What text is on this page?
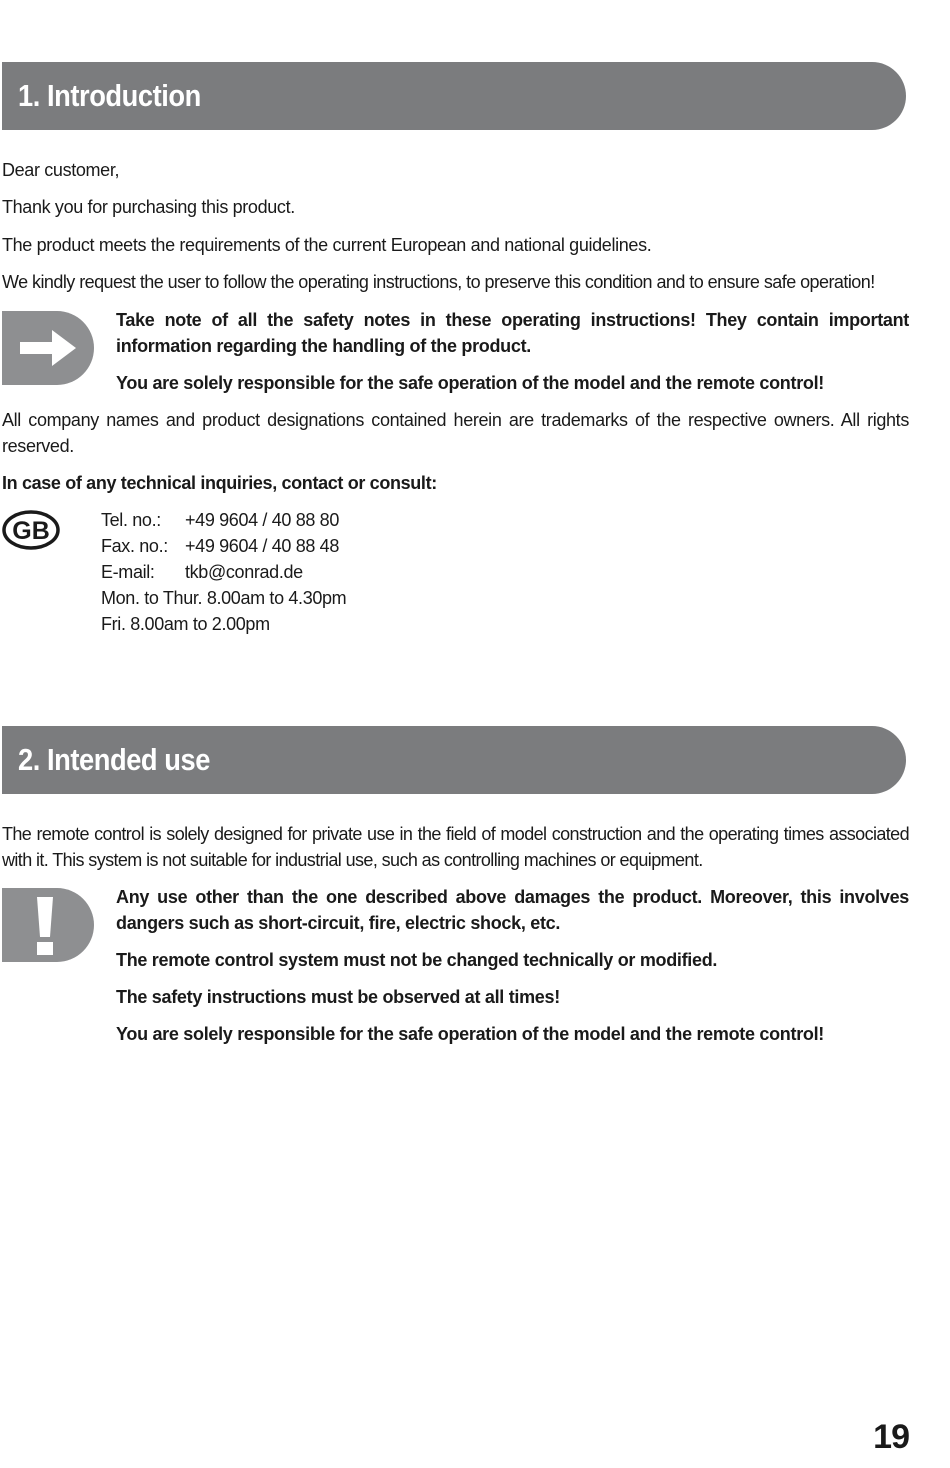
1. Introduction

Dear customer,

Thank you for purchasing this product.

The product meets the requirements of the current European and national guidelines.

We kindly request the user to follow the operating instructions, to preserve this condition and to ensure safe operation!

Take note of all the safety notes in these operating instructions! They contain important information regarding the handling of the product.

You are solely responsible for the safe operation of the model and the remote control!

All company names and product designations contained herein are trademarks of the respective owners. All rights reserved.

In case of any technical inquiries, contact or consult:

GB	Tel. no.:	+49 9604 / 40 88 80
Fax. no.: +49 9604 / 40 88 48
E-mail:	tkb@conrad.de
Mon. to Thur. 8.00am to 4.30pm
Fri. 8.00am to 2.00pm
2. Intended use

The remote control is solely designed for private use in the field of model construction and the operating times associated with it. This system is not suitable for industrial use, such as controlling machines or equipment.

Any use other than the one described above damages the product. Moreover, this involves dangers such as short-circuit, fire, electric shock, etc.

The remote control system must not be changed technically or modified.

The safety instructions must be observed at all times!

You are solely responsible for the safe operation of the model and the remote control!

19
